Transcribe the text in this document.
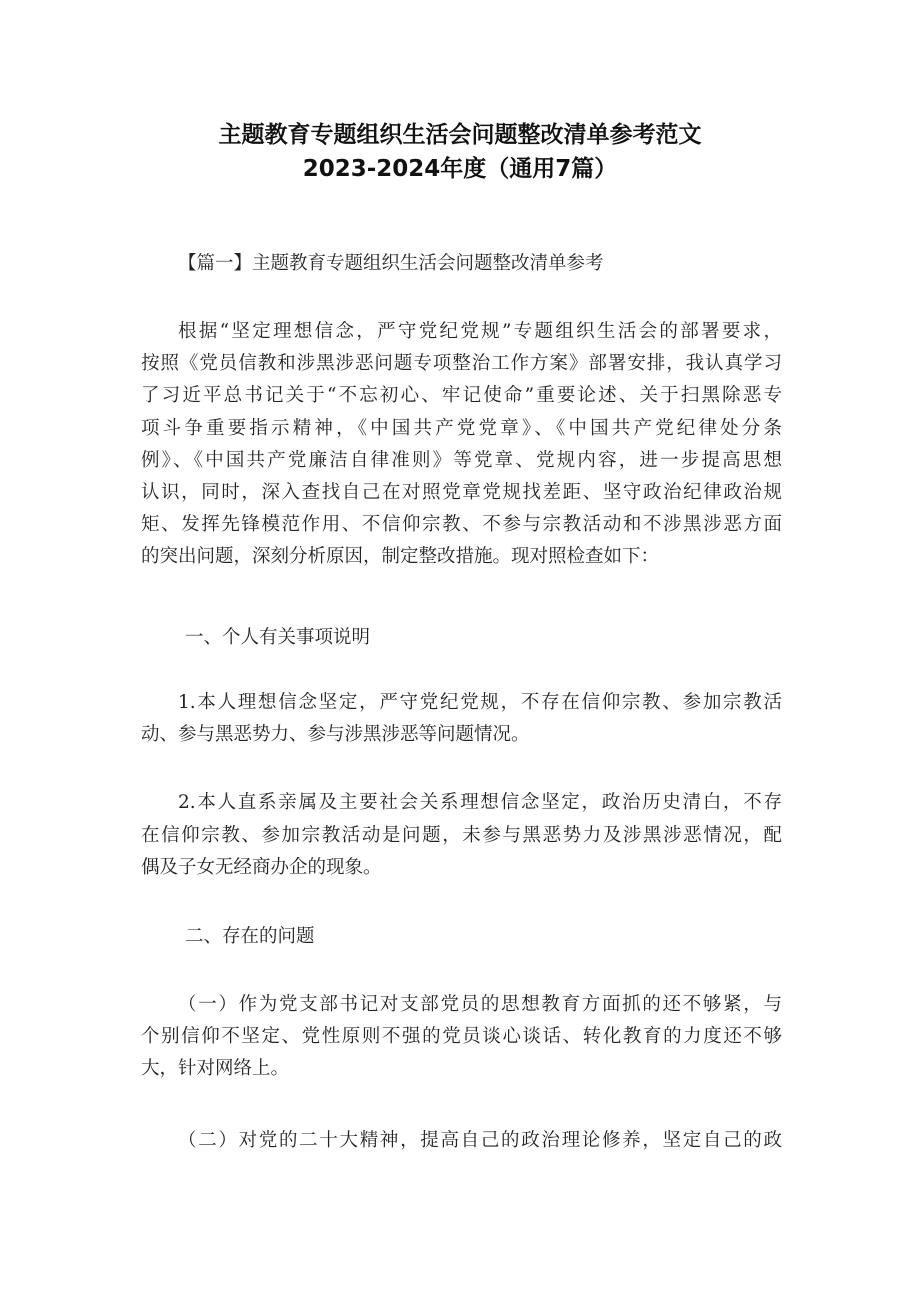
主题教育专题组织生活会问题整改清单参考范文
2023-2024年度（通用7篇）
【篇一】主题教育专题组织生活会问题整改清单参考
根据“坚定理想信念，严守党纪党规”专题组织生活会的部署要求，
按照《党员信教和涉黑涉恶问题专项整治工作方案》部署安排，我认真学习
了习近平总书记关于“不忘初心、牢记使命”重要论述、关于扫黑除恶专
项斗争重要指示精神，《中国共产党党章》、《中国共产党纪律处分条
例》、《中国共产党廉洁自律准则》等党章、党规内容，进一步提高思想
认识，同时，深入查找自己在对照党章党规找差距、坚守政治纪律政治规
矩、发挥先锋模范作用、不信仰宗教、不参与宗教活动和不涉黑涉恶方面
的突出问题，深刻分析原因，制定整改措施。现对照检查如下：
一、个人有关事项说明
1.本人理想信念坚定，严守党纪党规，不存在信仰宗教、参加宗教活
动、参与黑恶势力、参与涉黑涉恶等问题情况。
2.本人直系亲属及主要社会关系理想信念坚定，政治历史清白，不存
在信仰宗教、参加宗教活动是问题，未参与黑恶势力及涉黑涉恶情况，配
偶及子女无经商办企的现象。
二、存在的问题
（一）作为党支部书记对支部党员的思想教育方面抓的还不够紧，与
个别信仰不坚定、党性原则不强的党员谈心谈话、转化教育的力度还不够
大，针对网络上。
（二）对党的二十大精神，提高自己的政治理论修养，坚定自己的政
